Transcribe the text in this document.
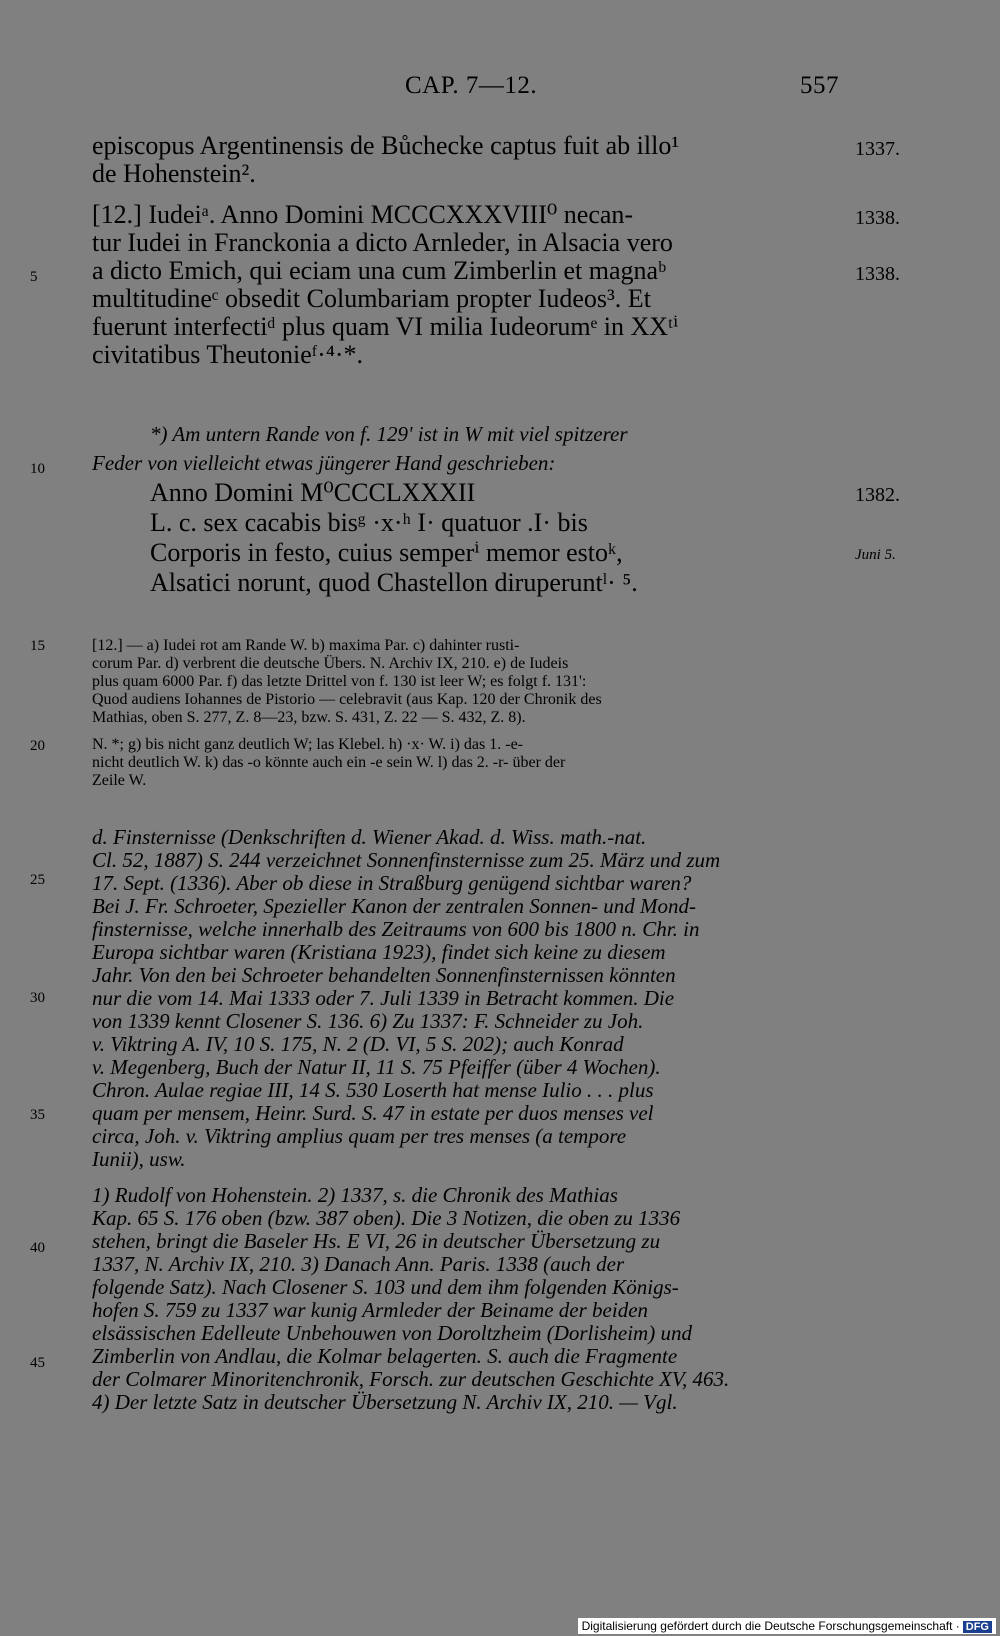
CAP. 7—12.	557
episcopus Argentinensis de Bůchecke captus fuit ab illo¹
de Hohenstein².
[12.] Iudeiᵃ. Anno Domini MCCCXXXVIII⁰ necan-
tur Iudei in Franckonia a dicto Arnleder, in Alsacia vero
a dicto Emich, qui eciam una cum Zimberlin et magnaᵇ
multitudineᶜ obsedit Columbariam propter Iudeos³. Et
fuerunt interfectiᵈ plus quam VI milia Iudeorumᵉ in XXᵗⁱ
civitatibus Theutonieᶠ·⁴·*.
1337.
1338.
1338.
1382.
Juni 5.
5
10
15
20
25
30
35
40
45
*) Am untern Rande von f. 129' ist in W mit viel spitzerer
Feder von vielleicht etwas jüngerer Hand geschrieben:
Anno Domini M⁰CCCLXXXII
L. c. sex cacabis bisᵍ ·x·ʰ I· quatuor .I· bis
Corporis in festo, cuius semperⁱ memor estoᵏ,
Alsatici norunt, quod Chastellon diruperuntˡ· ⁵.
[12.] — a) Iudei rot am Rande W. b) maxima Par. c) dahinter rusti-
corum Par. d) verbrent die deutsche Übers. N. Archiv IX, 210. e) de Iudeis
plus quam 6000 Par. f) das letzte Drittel von f. 130 ist leer W; es folgt f. 131':
Quod audiens Iohannes de Pistorio — celebravit (aus Kap. 120 der Chronik des
Mathias, oben S. 277, Z. 8—23, bzw. S. 431, Z. 22 — S. 432, Z. 8).
N. *; g) bis nicht ganz deutlich W; las Klebel. h) ·x· W. i) das 1. -e-
nicht deutlich W. k) das -o könnte auch ein -e sein W. l) das 2. -r- über der
Zeile W.
d. Finsternisse (Denkschriften d. Wiener Akad. d. Wiss. math.-nat.
Cl. 52, 1887) S. 244 verzeichnet Sonnenfinsternisse zum 25. März und zum
17. Sept. (1336). Aber ob diese in Straßburg genügend sichtbar waren?
Bei J. Fr. Schroeter, Spezieller Kanon der zentralen Sonnen- und Mond-
finsternisse, welche innerhalb des Zeitraums von 600 bis 1800 n. Chr. in
Europa sichtbar waren (Kristiana 1923), findet sich keine zu diesem
Jahr. Von den bei Schroeter behandelten Sonnenfinsternissen könnten
nur die vom 14. Mai 1333 oder 7. Juli 1339 in Betracht kommen. Die
von 1339 kennt Closener S. 136. 6) Zu 1337: F. Schneider zu Joh.
v. Viktring A. IV, 10 S. 175, N. 2 (D. VI, 5 S. 202); auch Konrad
v. Megenberg, Buch der Natur II, 11 S. 75 Pfeiffer (über 4 Wochen).
Chron. Aulae regiae III, 14 S. 530 Loserth hat mense Iulio . . . plus
quam per mensem, Heinr. Surd. S. 47 in estate per duos menses vel
circa, Joh. v. Viktring amplius quam per tres menses (a tempore
Iunii), usw.
1) Rudolf von Hohenstein. 2) 1337, s. die Chronik des Mathias
Kap. 65 S. 176 oben (bzw. 387 oben). Die 3 Notizen, die oben zu 1336
stehen, bringt die Baseler Hs. E VI, 26 in deutscher Übersetzung zu
1337, N. Archiv IX, 210. 3) Danach Ann. Paris. 1338 (auch der
folgende Satz). Nach Closener S. 103 und dem ihm folgenden Königs-
hofen S. 759 zu 1337 war kunig Armleder der Beiname der beiden
elsässischen Edelleute Unbehouwen von Doroltzheim (Dorlisheim) und
Zimberlin von Andlau, die Kolmar belagerten. S. auch die Fragmente
der Colmarer Minoritenchronik, Forsch. zur deutschen Geschichte XV, 463.
4) Der letzte Satz in deutscher Übersetzung N. Archiv IX, 210. — Vgl.
Digitalisierung gefördert durch die Deutsche Forschungsgemeinschaft · DFG
